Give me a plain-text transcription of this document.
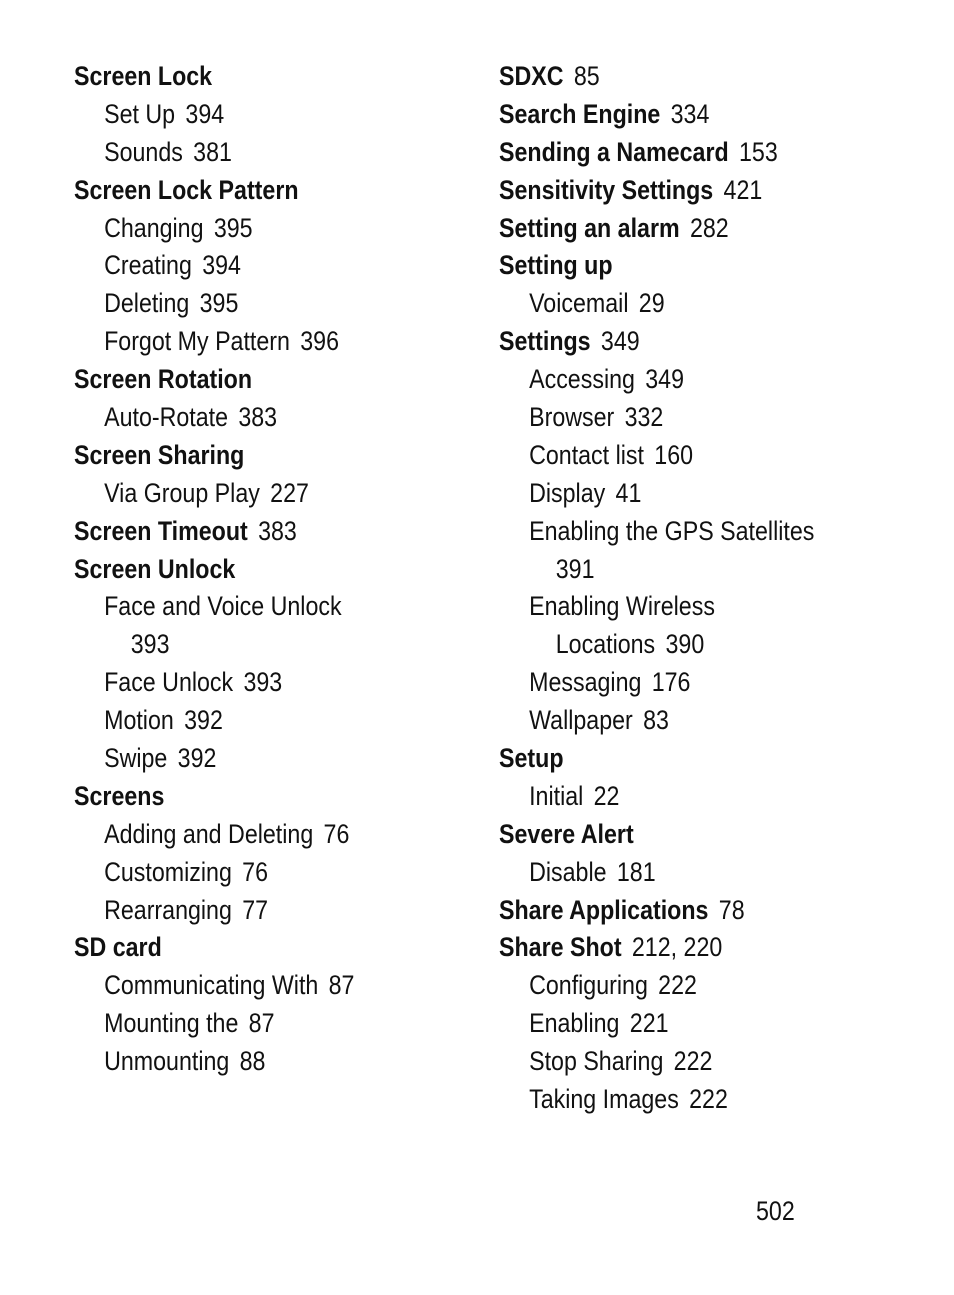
Screen Lock
Set Up 394
Sounds 381
Screen Lock Pattern
Changing 395
Creating 394
Deleting 395
Forgot My Pattern 396
Screen Rotation
Auto-Rotate 383
Screen Sharing
Via Group Play 227
Screen Timeout 383
Screen Unlock
Face and Voice Unlock
393
Face Unlock 393
Motion 392
Swipe 392
Screens
Adding and Deleting 76
Customizing 76
Rearranging 77
SD card
Communicating With 87
Mounting the 87
Unmounting 88
SDXC 85
Search Engine 334
Sending a Namecard 153
Sensitivity Settings 421
Setting an alarm 282
Setting up
Voicemail 29
Settings 349
Accessing 349
Browser 332
Contact list 160
Display 41
Enabling the GPS Satellites
391
Enabling Wireless
Locations 390
Messaging 176
Wallpaper 83
Setup
Initial 22
Severe Alert
Disable 181
Share Applications 78
Share Shot 212, 220
Configuring 222
Enabling 221
Stop Sharing 222
Taking Images 222
502
